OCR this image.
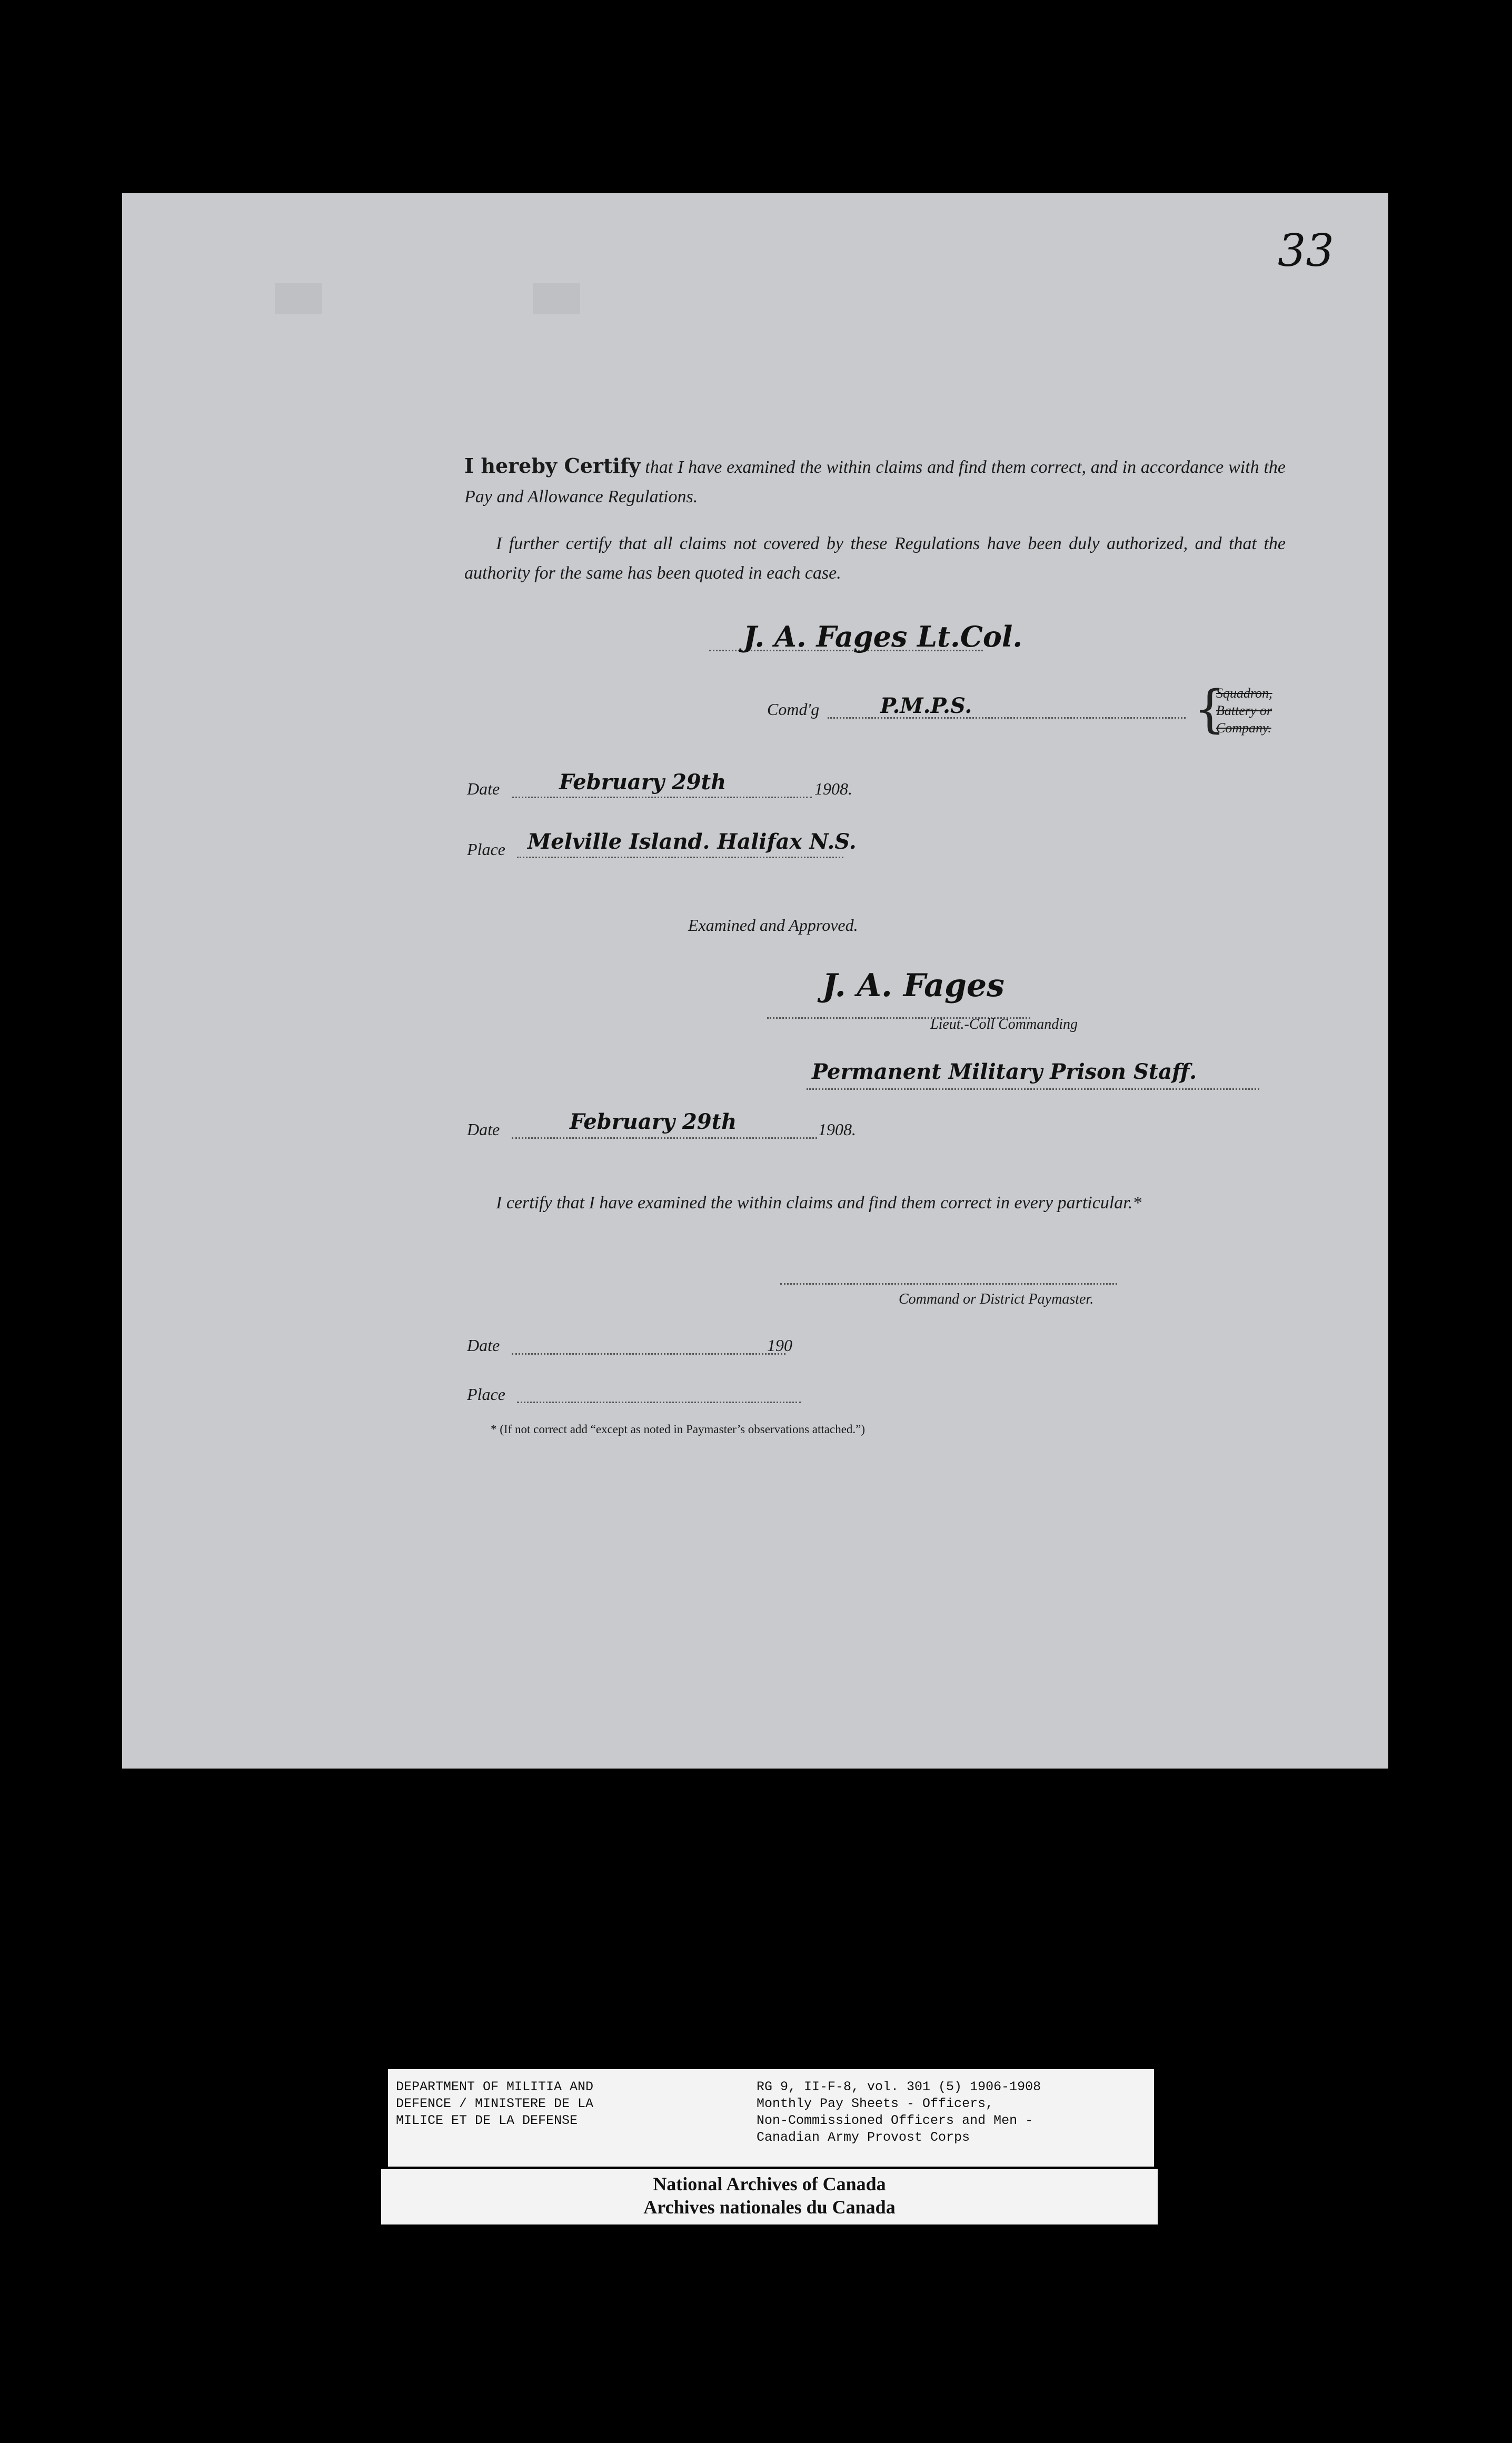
33
I hereby Certify that I have examined the within claims and find them correct, and in accordance with the Pay and Allowance Regulations.
I further certify that all claims not covered by these Regulations have been duly authorized, and that the authority for the same has been quoted in each case.
J. A. Fages Lt.Col.
Comd'g	P.M.P.S.	{
Squadron,
Battery or
Company.
Date	February 29th	1908.
Place Melville Island. Halifax N.S.
Examined and Approved.
J. A. Fages
Lieut.-Coll Commanding
Permanent Military Prison Staff.
Date	February 29th	1908.
I certify that I have examined the within claims and find them correct in every particular.*
Command or District Paymaster.
Date	190
Place
* (If not correct add “except as noted in Paymaster’s observations attached.”)
DEPARTMENT OF MILITIA AND
DEFENCE / MINISTERE DE LA
MILICE ET DE LA DEFENSE
RG 9, II-F-8, vol. 301 (5) 1906-1908
Monthly Pay Sheets - Officers,
Non-Commissioned Officers and Men -
Canadian Army Provost Corps
National Archives of Canada
Archives nationales du Canada
